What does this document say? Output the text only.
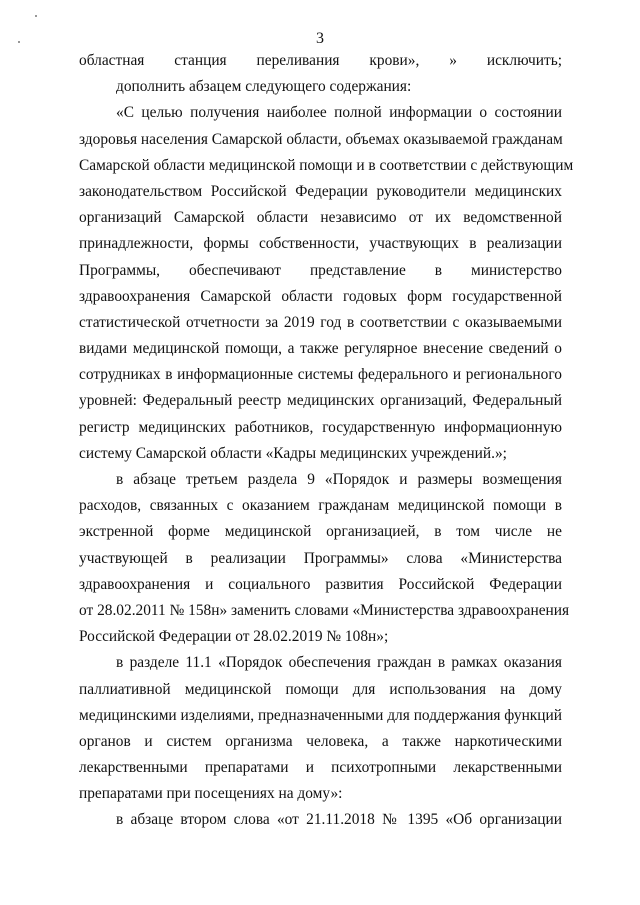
3
областная станция переливания крови», » исключить;
дополнить абзацем следующего содержания:
«С целью получения наиболее полной информации о состоянии
здоровья населения Самарской области, объемах оказываемой гражданам
Самарской области медицинской помощи и в соответствии с действующим
законодательством Российской Федерации руководители медицинских
организаций Самарской области независимо от их ведомственной
принадлежности, формы собственности, участвующих в реализации
Программы, обеспечивают представление в министерство
здравоохранения Самарской области годовых форм государственной
статистической отчетности за 2019 год в соответствии с оказываемыми
видами медицинской помощи, а также регулярное внесение сведений о
сотрудниках в информационные системы федерального и регионального
уровней: Федеральный реестр медицинских организаций, Федеральный
регистр медицинских работников, государственную информационную
систему Самарской области «Кадры медицинских учреждений.»;
в абзаце третьем раздела 9 «Порядок и размеры возмещения
расходов, связанных с оказанием гражданам медицинской помощи в
экстренной форме медицинской организацией, в том числе не
участвующей в реализации Программы» слова «Министерства
здравоохранения и социального развития Российской Федерации
от 28.02.2011 № 158н» заменить словами «Министерства здравоохранения
Российской Федерации от 28.02.2019 № 108н»;
в разделе 11.1 «Порядок обеспечения граждан в рамках оказания
паллиативной медицинской помощи для использования на дому
медицинскими изделиями, предназначенными для поддержания функций
органов и систем организма человека, а также наркотическими
лекарственными препаратами и психотропными лекарственными
препаратами при посещениях на дому»:
в абзаце втором слова «от 21.11.2018 № 1395 «Об организации
